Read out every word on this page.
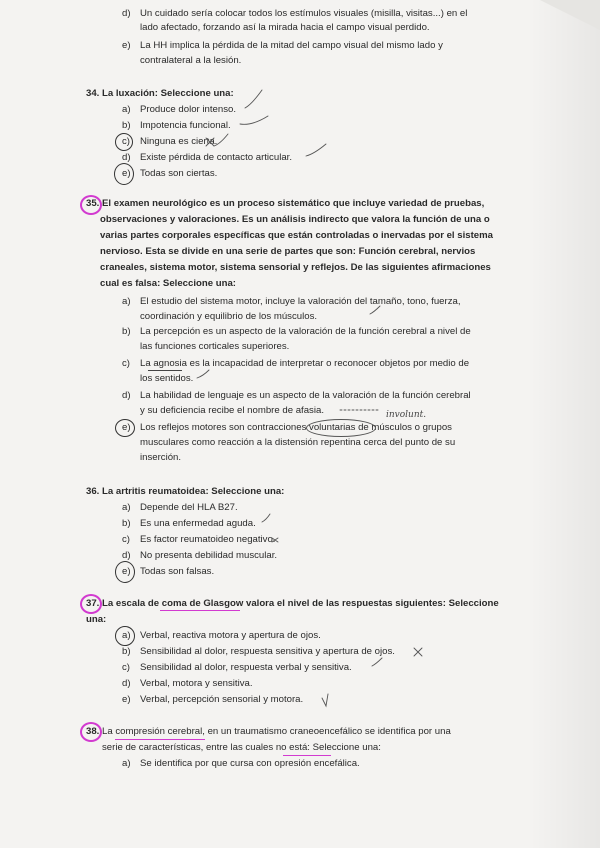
d) Un cuidado sería colocar todos los estímulos visuales (misilla, visitas...) en el
lado afectado, forzando así la mirada hacia el campo visual perdido.
e) La HH implica la pérdida de la mitad del campo visual del mismo lado y
contralateral a la lesión.
34. La luxación: Seleccione una:
a) Produce dolor intenso.
b) Impotencia funcional.
c) Ninguna es cierta.
d) Existe pérdida de contacto articular.
e) Todas son ciertas.
35. El examen neurológico es un proceso sistemático que incluye variedad de pruebas,
observaciones y valoraciones. Es un análisis indirecto que valora la función de una o
varias partes corporales específicas que están controladas o inervadas por el sistema
nervioso. Esta se divide en una serie de partes que son: Función cerebral, nervios
craneales, sistema motor, sistema sensorial y reflejos. De las siguientes afirmaciones
cual es falsa: Seleccione una:
a) El estudio del sistema motor, incluye la valoración del tamaño, tono, fuerza,
coordinación y equilibrio de los músculos.
b) La percepción es un aspecto de la valoración de la función cerebral a nivel de
las funciones corticales superiores.
c) La agnosia es la incapacidad de interpretar o reconocer objetos por medio de
los sentidos.
d) La habilidad de lenguaje es un aspecto de la valoración de la función cerebral
y su deficiencia recibe el nombre de afasia.
e) Los reflejos motores son contracciones voluntarias de músculos o grupos
musculares como reacción a la distensión repentina cerca del punto de su
inserción.
involunt.
36. La artritis reumatoidea: Seleccione una:
a) Depende del HLA B27.
b) Es una enfermedad aguda.
c) Es factor reumatoideo negativo.
d) No presenta debilidad muscular.
e) Todas son falsas.
37. La escala de coma de Glasgow valora el nivel de las respuestas siguientes: Seleccione
una:
a) Verbal, reactiva motora y apertura de ojos.
b) Sensibilidad al dolor, respuesta sensitiva y apertura de ojos.
c) Sensibilidad al dolor, respuesta verbal y sensitiva.
d) Verbal, motora y sensitiva.
e) Verbal, percepción sensorial y motora.
38. La compresión cerebral, en un traumatismo craneoencefálico se identifica por una
serie de características, entre las cuales no está: Seleccione una:
a) Se identifica por que cursa con opresión encefálica.
